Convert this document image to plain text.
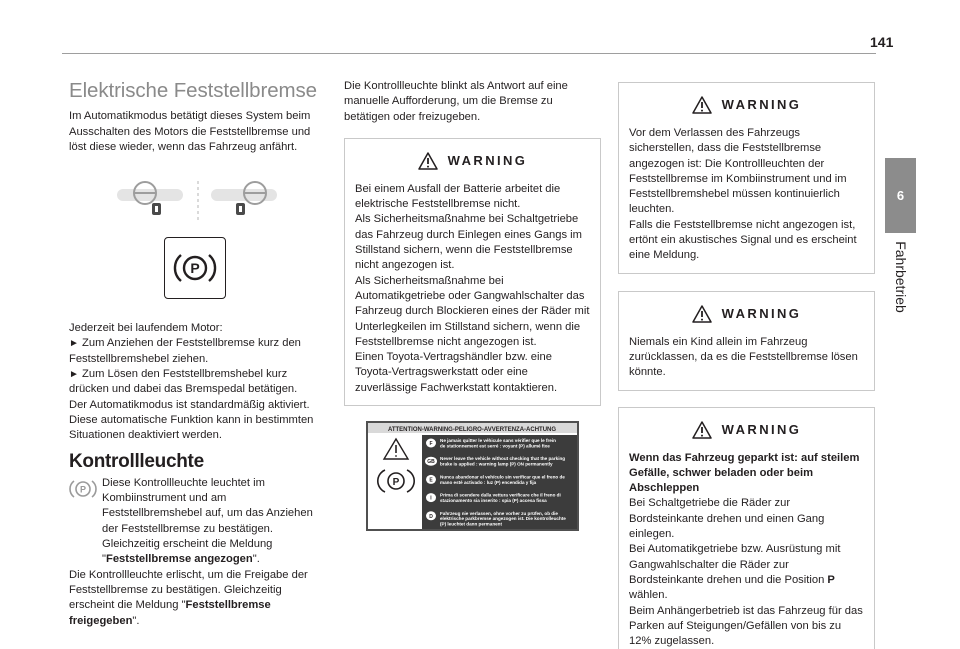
141
6
Fahrbetrieb
Elektrische Feststellbremse

Im Automatikmodus betätigt dieses System beim Ausschalten des Motors die Feststellbremse und löst diese wieder, wenn das Fahrzeug anfährt.

P

Jederzeit bei laufendem Motor:

► Zum Anziehen der Feststellbremse kurz den Feststellbremshebel ziehen.

► Zum Lösen den Feststellbremshebel kurz drücken und dabei das Bremspedal betätigen.

Der Automatikmodus ist standardmäßig aktiviert.

Diese automatische Funktion kann in bestimmten Situationen deaktiviert werden.

Kontrollleuchte
P
Diese Kontrollleuchte leuchtet im Kombiinstrument und am Feststellbremshebel auf, um das Anziehen der Feststellbremse zu bestätigen. Gleichzeitig erscheint die Meldung "Feststellbremse angezogen".

Die Kontrollleuchte erlischt, um die Freigabe der Feststellbremse zu bestätigen. Gleichzeitig erscheint die Meldung "Feststellbremse freigegeben".

Die Kontrollleuchte blinkt als Antwort auf eine manuelle Aufforderung, um die Bremse zu betätigen oder freizugeben.

WARNING

Bei einem Ausfall der Batterie arbeitet die elektrische Feststellbremse nicht.

Als Sicherheitsmaßnahme bei Schaltgetriebe das Fahrzeug durch Einlegen eines Gangs im Stillstand sichern, wenn die Feststellbremse nicht angezogen ist.

Als Sicherheitsmaßnahme bei Automatikgetriebe oder Gangwahlschalter das Fahrzeug durch Blockieren eines der Räder mit Unterlegkeilen im Stillstand sichern, wenn die Feststellbremse nicht angezogen ist.

Einen Toyota-Vertragshändler bzw. eine Toyota-Vertragswerkstatt oder eine zuverlässige Fachwerkstatt kontaktieren.

ATTENTION-WARNING-PELIGRO-AVVERTENZA-ACHTUNG
P
F
Ne jamais quitter le véhicule sans vérifier que le frein de stationnement est serré : voyant (P) allumé fixe
GB
Never leave the vehicle without checking that the parking brake is applied : warning lamp (P) ON permanently
E
Nunca abandonar el vehículo sin verificar que el freno de mano esté activado : luz (P) encendida y fija
I
Prima di scendere dalla vettura verificare che il freno di stazionamento sia inserito : spia (P) accesa fissa
D
Fahrzeug nie verlassen, ohne vorher zu prüfen, ob die elektrische parkbremse angezogen ist. Die kontrolleuchte (P) leuchtet dann permanent
WARNING

Vor dem Verlassen des Fahrzeugs sicherstellen, dass die Feststellbremse angezogen ist: Die Kontrollleuchten der Feststellbremse im Kombiinstrument und im Feststellbremshebel müssen kontinuierlich leuchten.

Falls die Feststellbremse nicht angezogen ist, ertönt ein akustisches Signal und es erscheint eine Meldung.

WARNING

Niemals ein Kind allein im Fahrzeug zurücklassen, da es die Feststellbremse lösen könnte.

WARNING

Wenn das Fahrzeug geparkt ist: auf steilem Gefälle, schwer beladen oder beim Abschleppen

Bei Schaltgetriebe die Räder zur Bordsteinkante drehen und einen Gang einlegen.

Bei Automatikgetriebe bzw. Ausrüstung mit Gangwahlschalter die Räder zur Bordsteinkante drehen und die Position P wählen.

Beim Anhängerbetrieb ist das Fahrzeug für das Parken auf Steigungen/Gefällen von bis zu 12% zugelassen.
